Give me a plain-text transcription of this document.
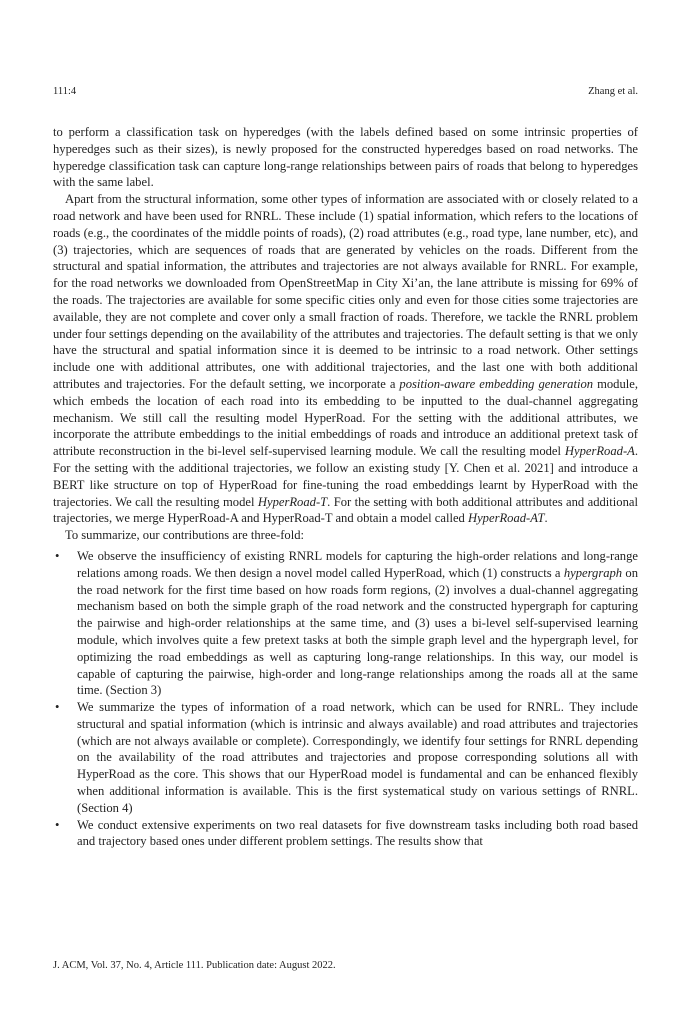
111:4	Zhang et al.

to perform a classification task on hyperedges (with the labels defined based on some intrinsic properties of hyperedges such as their sizes), is newly proposed for the constructed hyperedges based on road networks. The hyperedge classification task can capture long-range relationships between pairs of roads that belong to hyperedges with the same label.

Apart from the structural information, some other types of information are associated with or closely related to a road network and have been used for RNRL. These include (1) spatial information, which refers to the locations of roads (e.g., the coordinates of the middle points of roads), (2) road attributes (e.g., road type, lane number, etc), and (3) trajectories, which are sequences of roads that are generated by vehicles on the roads. Different from the structural and spatial information, the attributes and trajectories are not always available for RNRL. For example, for the road networks we downloaded from OpenStreetMap in City Xi’an, the lane attribute is missing for 69% of the roads. The trajectories are available for some specific cities only and even for those cities some trajectories are available, they are not complete and cover only a small fraction of roads. Therefore, we tackle the RNRL problem under four settings depending on the availability of the attributes and trajectories. The default setting is that we only have the structural and spatial information since it is deemed to be intrinsic to a road network. Other settings include one with additional attributes, one with additional trajectories, and the last one with both additional attributes and trajectories. For the default setting, we incorporate a position-aware embedding generation module, which embeds the location of each road into its embedding to be inputted to the dual-channel aggregating mechanism. We still call the resulting model HyperRoad. For the setting with the additional attributes, we incorporate the attribute embeddings to the initial embeddings of roads and introduce an additional pretext task of attribute reconstruction in the bi-level self-supervised learning module. We call the resulting model HyperRoad-A. For the setting with the additional trajectories, we follow an existing study [Y. Chen et al. 2021] and introduce a BERT like structure on top of HyperRoad for fine-tuning the road embeddings learnt by HyperRoad with the trajectories. We call the resulting model HyperRoad-T. For the setting with both additional attributes and additional trajectories, we merge HyperRoad-A and HyperRoad-T and obtain a model called HyperRoad-AT.

To summarize, our contributions are three-fold:

• We observe the insufficiency of existing RNRL models for capturing the high-order relations and long-range relations among roads. We then design a novel model called HyperRoad, which (1) constructs a hypergraph on the road network for the first time based on how roads form regions, (2) involves a dual-channel aggregating mechanism based on both the simple graph of the road network and the constructed hypergraph for capturing the pairwise and high-order relationships at the same time, and (3) uses a bi-level self-supervised learning module, which involves quite a few pretext tasks at both the simple graph level and the hypergraph level, for optimizing the road embeddings as well as capturing long-range relationships. In this way, our model is capable of capturing the pairwise, high-order and long-range relationships among the roads all at the same time. (Section 3)
• We summarize the types of information of a road network, which can be used for RNRL. They include structural and spatial information (which is intrinsic and always available) and road attributes and trajectories (which are not always available or complete). Correspondingly, we identify four settings for RNRL depending on the availability of the road attributes and trajectories and propose corresponding solutions all with HyperRoad as the core. This shows that our HyperRoad model is fundamental and can be enhanced flexibly when additional information is available. This is the first systematical study on various settings of RNRL. (Section 4)
• We conduct extensive experiments on two real datasets for five downstream tasks including both road based and trajectory based ones under different problem settings. The results show that
J. ACM, Vol. 37, No. 4, Article 111. Publication date: August 2022.
